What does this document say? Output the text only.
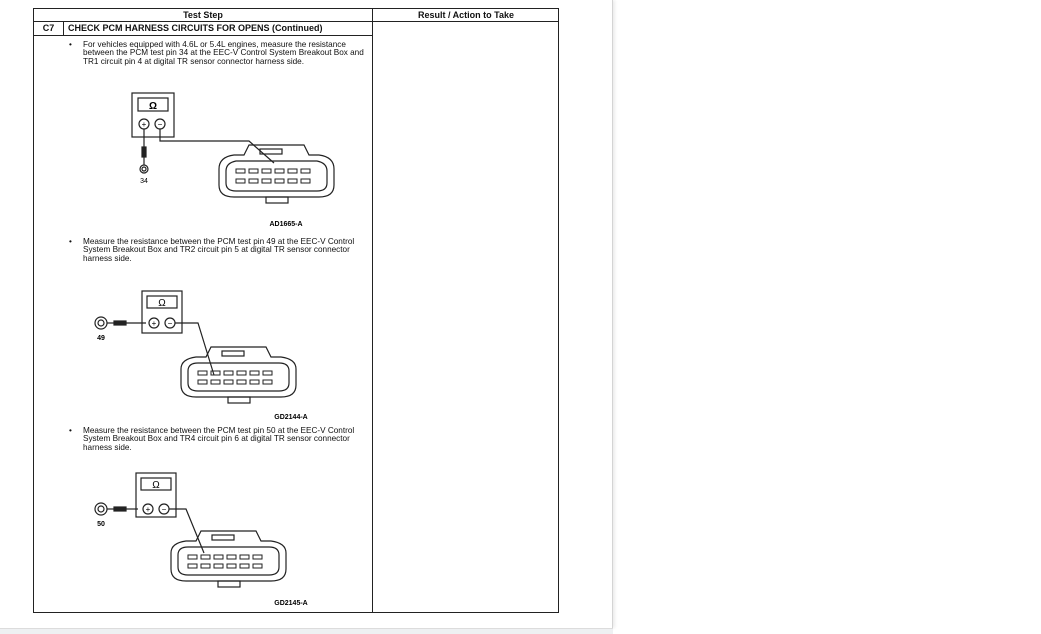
Test Step	Result / Action to Take
C7	CHECK PCM HARNESS CIRCUITS FOR OPENS (Continued)
• For vehicles equipped with 4.6L or 5.4L engines, measure the resistance between the PCM test pin 34 at the EEC-V Control System Breakout Box and TR1 circuit pin 4 at digital TR sensor connector harness side.
Ω
+ −
34
AD1665-A
• Measure the resistance between the PCM test pin 49 at the EEC-V Control System Breakout Box and TR2 circuit pin 5 at digital TR sensor connector harness side.
Ω
+ −
49
GD2144-A
• Measure the resistance between the PCM test pin 50 at the EEC-V Control System Breakout Box and TR4 circuit pin 6 at digital TR sensor connector harness side.
Ω
+ −
50
GD2145-A
